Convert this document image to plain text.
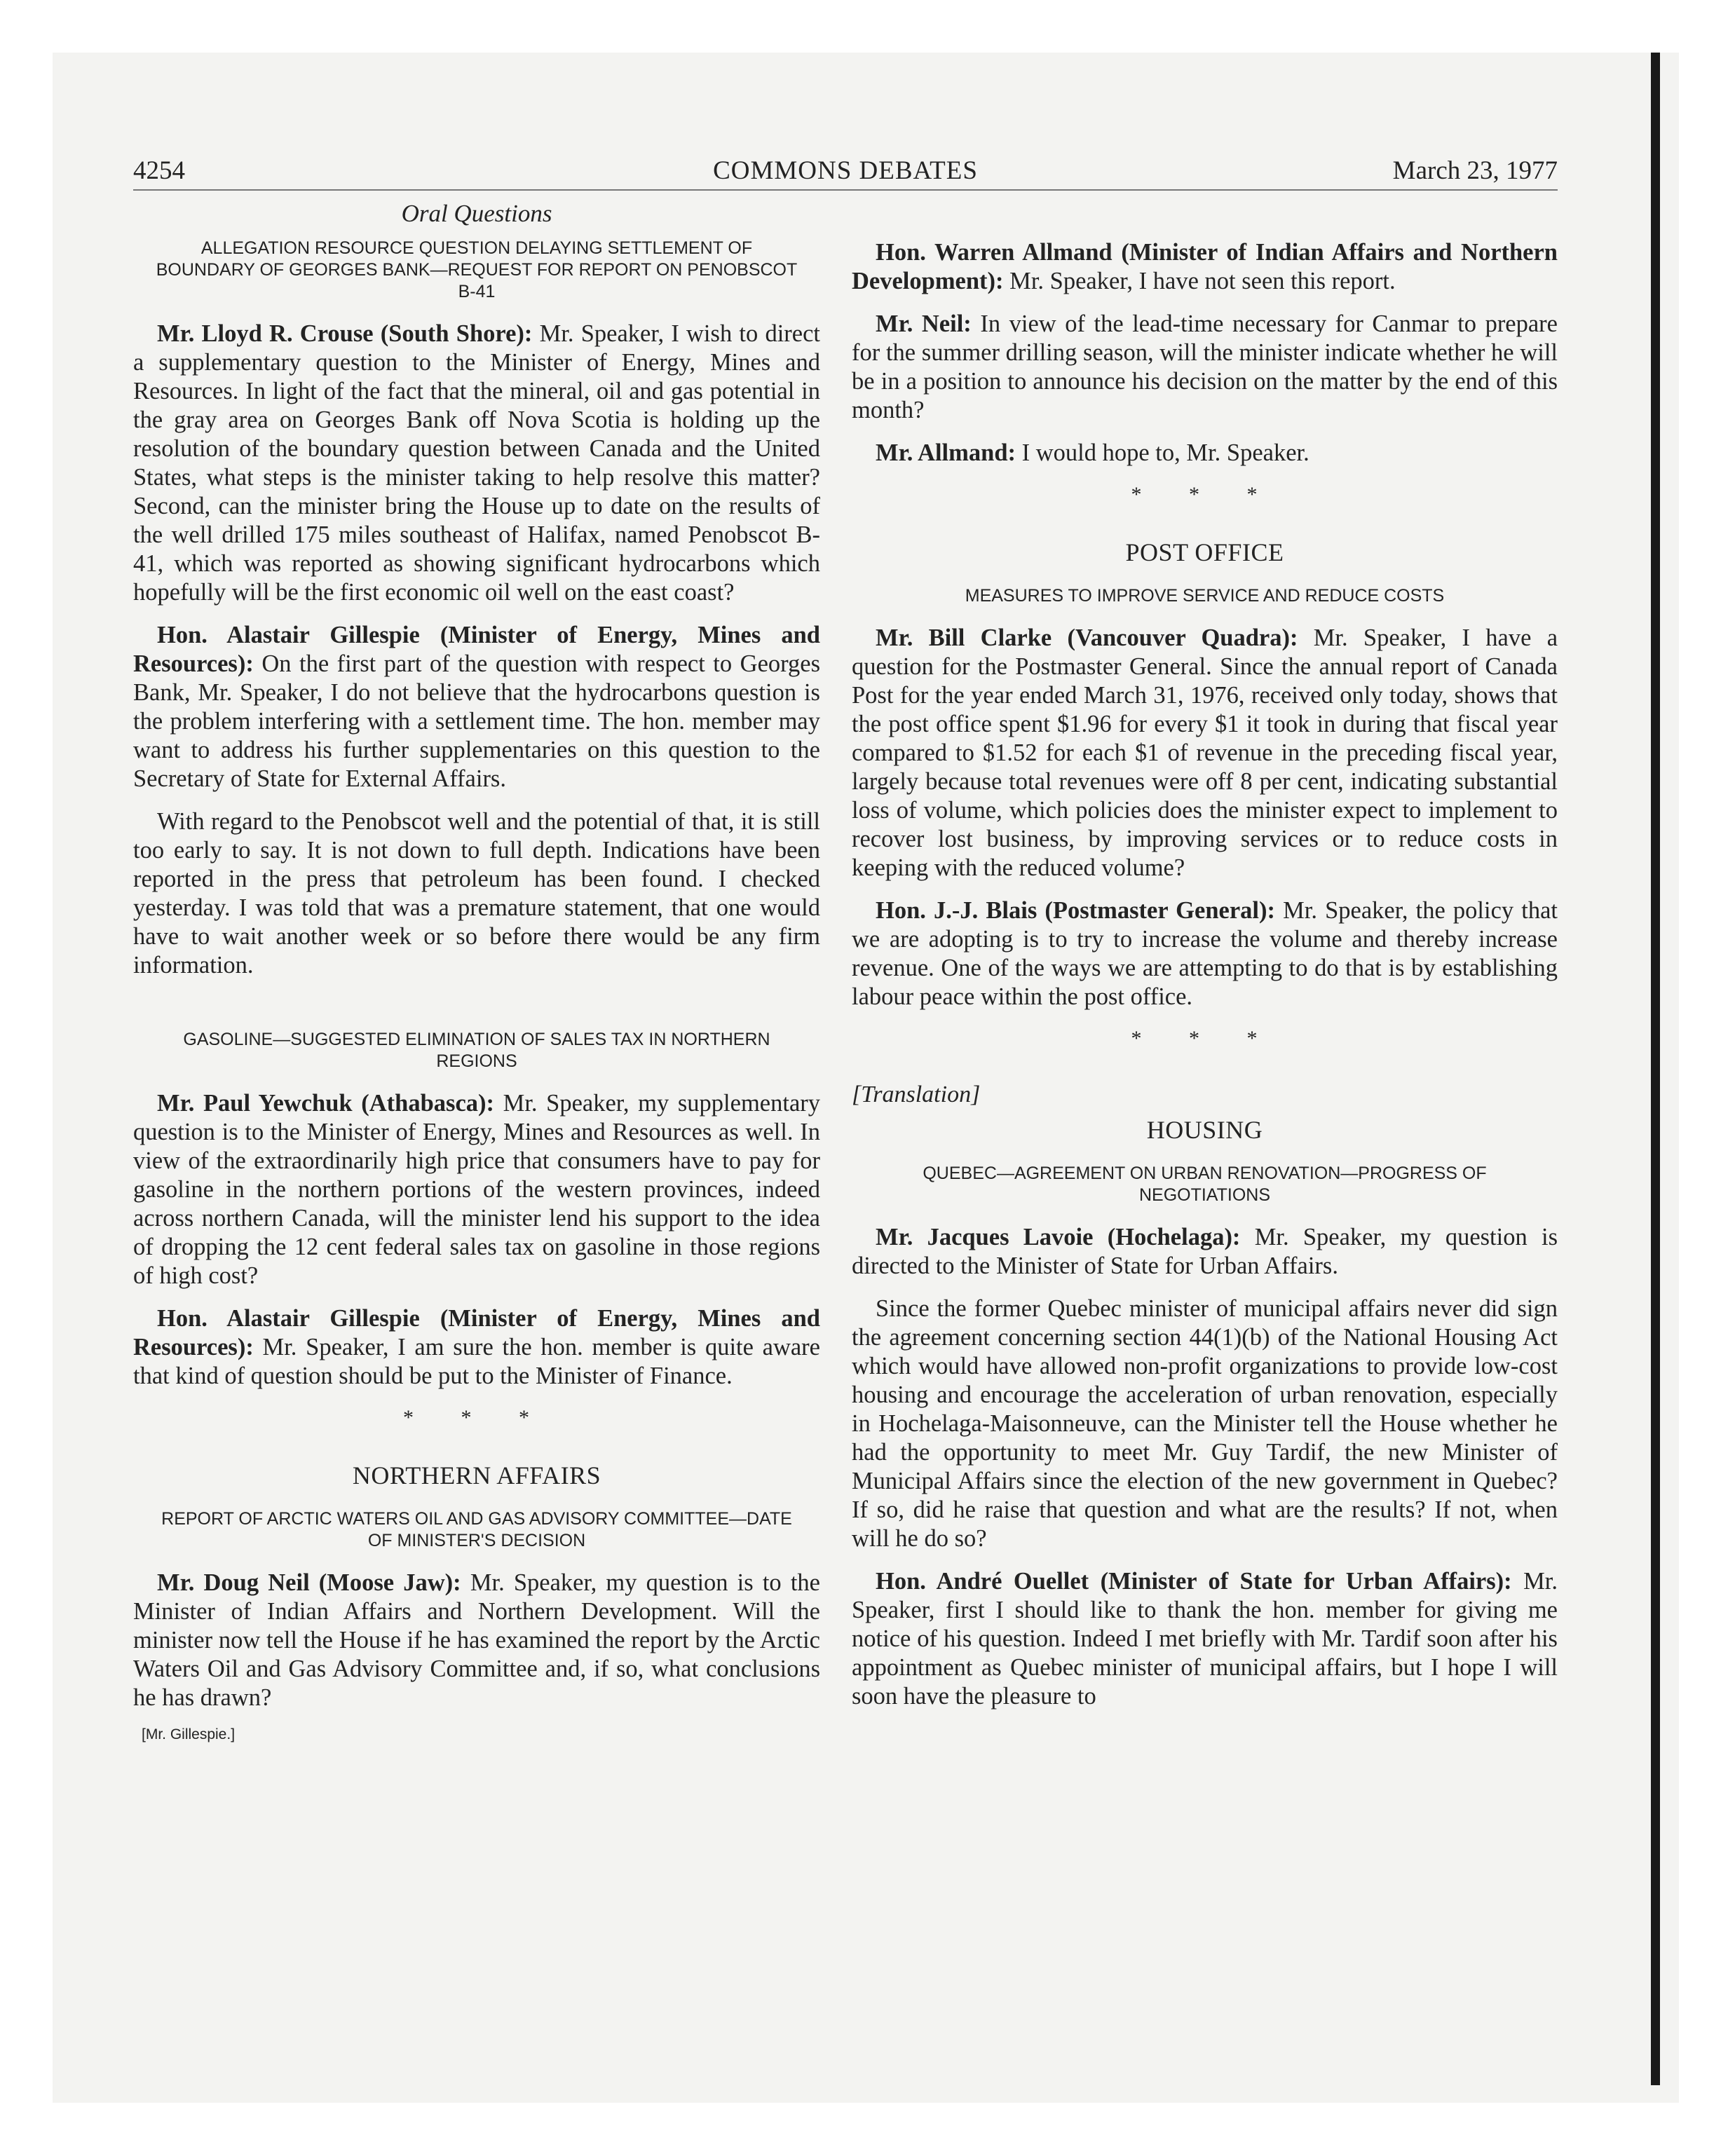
4254	COMMONS DEBATES	March 23, 1977
Oral Questions
ALLEGATION RESOURCE QUESTION DELAYING SETTLEMENT OF BOUNDARY OF GEORGES BANK—REQUEST FOR REPORT ON PENOBSCOT B-41

Mr. Lloyd R. Crouse (South Shore): Mr. Speaker, I wish to direct a supplementary question to the Minister of Energy, Mines and Resources. In light of the fact that the mineral, oil and gas potential in the gray area on Georges Bank off Nova Scotia is holding up the resolution of the boundary question between Canada and the United States, what steps is the minister taking to help resolve this matter? Second, can the minister bring the House up to date on the results of the well drilled 175 miles southeast of Halifax, named Penobscot B-41, which was reported as showing significant hydrocarbons which hopefully will be the first economic oil well on the east coast?

Hon. Alastair Gillespie (Minister of Energy, Mines and Resources): On the first part of the question with respect to Georges Bank, Mr. Speaker, I do not believe that the hydrocarbons question is the problem interfering with a settlement time. The hon. member may want to address his further supplementaries on this question to the Secretary of State for External Affairs.

With regard to the Penobscot well and the potential of that, it is still too early to say. It is not down to full depth. Indications have been reported in the press that petroleum has been found. I checked yesterday. I was told that was a premature statement, that one would have to wait another week or so before there would be any firm information.

GASOLINE—SUGGESTED ELIMINATION OF SALES TAX IN NORTHERN REGIONS

Mr. Paul Yewchuk (Athabasca): Mr. Speaker, my supplementary question is to the Minister of Energy, Mines and Resources as well. In view of the extraordinarily high price that consumers have to pay for gasoline in the northern portions of the western provinces, indeed across northern Canada, will the minister lend his support to the idea of dropping the 12 cent federal sales tax on gasoline in those regions of high cost?

Hon. Alastair Gillespie (Minister of Energy, Mines and Resources): Mr. Speaker, I am sure the hon. member is quite aware that kind of question should be put to the Minister of Finance.

* * *
NORTHERN AFFAIRS
REPORT OF ARCTIC WATERS OIL AND GAS ADVISORY COMMITTEE—DATE OF MINISTER'S DECISION

Mr. Doug Neil (Moose Jaw): Mr. Speaker, my question is to the Minister of Indian Affairs and Northern Development. Will the minister now tell the House if he has examined the report by the Arctic Waters Oil and Gas Advisory Committee and, if so, what conclusions he has drawn?

[Mr. Gillespie.]

Hon. Warren Allmand (Minister of Indian Affairs and Northern Development): Mr. Speaker, I have not seen this report.

Mr. Neil: In view of the lead-time necessary for Canmar to prepare for the summer drilling season, will the minister indicate whether he will be in a position to announce his decision on the matter by the end of this month?

Mr. Allmand: I would hope to, Mr. Speaker.

* * *
POST OFFICE
MEASURES TO IMPROVE SERVICE AND REDUCE COSTS

Mr. Bill Clarke (Vancouver Quadra): Mr. Speaker, I have a question for the Postmaster General. Since the annual report of Canada Post for the year ended March 31, 1976, received only today, shows that the post office spent $1.96 for every $1 it took in during that fiscal year compared to $1.52 for each $1 of revenue in the preceding fiscal year, largely because total revenues were off 8 per cent, indicating substantial loss of volume, which policies does the minister expect to implement to recover lost business, by improving services or to reduce costs in keeping with the reduced volume?

Hon. J.-J. Blais (Postmaster General): Mr. Speaker, the policy that we are adopting is to try to increase the volume and thereby increase revenue. One of the ways we are attempting to do that is by establishing labour peace within the post office.

* * *
[Translation]
HOUSING
QUEBEC—AGREEMENT ON URBAN RENOVATION—PROGRESS OF NEGOTIATIONS

Mr. Jacques Lavoie (Hochelaga): Mr. Speaker, my question is directed to the Minister of State for Urban Affairs.

Since the former Quebec minister of municipal affairs never did sign the agreement concerning section 44(1)(b) of the National Housing Act which would have allowed non-profit organizations to provide low-cost housing and encourage the acceleration of urban renovation, especially in Hochelaga-Maisonneuve, can the Minister tell the House whether he had the opportunity to meet Mr. Guy Tardif, the new Minister of Municipal Affairs since the election of the new government in Quebec? If so, did he raise that question and what are the results? If not, when will he do so?

Hon. André Ouellet (Minister of State for Urban Affairs): Mr. Speaker, first I should like to thank the hon. member for giving me notice of his question. Indeed I met briefly with Mr. Tardif soon after his appointment as Quebec minister of municipal affairs, but I hope I will soon have the pleasure to
